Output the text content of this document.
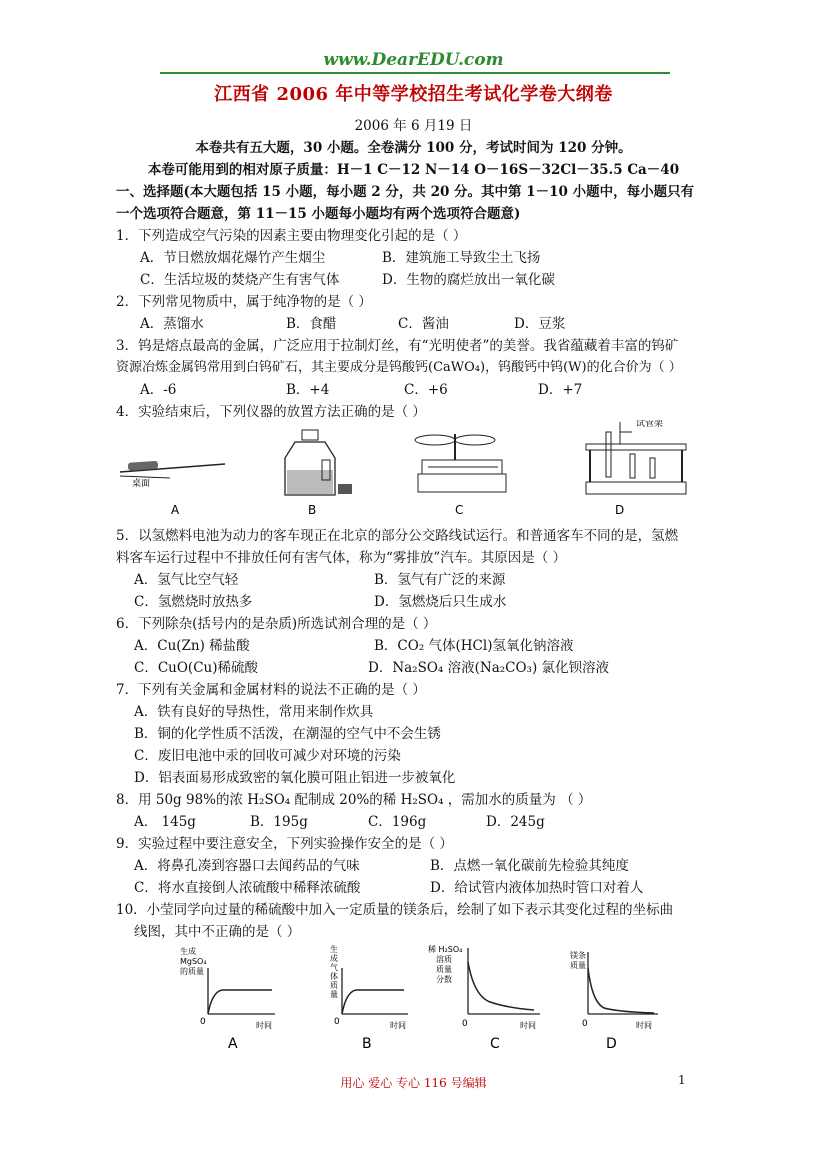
www.DearEDU.com
江西省 2006 年中等学校招生考试化学卷大纲卷
2006 年 6 月19 日
本卷共有五大题，30 小题。全卷满分 100 分，考试时间为 120 分钟。
本卷可能用到的相对原子质量：H－1 C－12 N－14 O－16S－32Cl－35.5 Ca－40
一、选择题(本大题包括 15 小题，每小题 2 分，共 20 分。其中第 1－10 小题中，每小题只有
一个选项符合题意，第 11－15 小题每小题均有两个选项符合题意)
1．下列造成空气污染的因素主要由物理变化引起的是（ ）
A．节日燃放烟花爆竹产生烟尘	B．建筑施工导致尘土飞扬
C．生活垃圾的焚烧产生有害气体	D．生物的腐烂放出一氧化碳
2．下列常见物质中，属于纯净物的是（ ）
A．蒸馏水	B．食醋	C．酱油	D．豆浆
3．钨是熔点最高的金属，广泛应用于拉制灯丝，有“光明使者”的美誉。我省蕴藏着丰富的钨矿
资源冶炼金属钨常用到白钨矿石，其主要成分是钨酸钙(CaWO₄)，钨酸钙中钨(W)的化合价为（ ）
A．-6	B．+4	C．+6	D．+7
4．实验结束后，下列仪器的放置方法正确的是（ ）
桌面
试管架
A	B	C	D
5．以氢燃料电池为动力的客车现正在北京的部分公交路线试运行。和普通客车不同的是，氢燃
料客车运行过程中不排放任何有害气体，称为“雾排放”汽车。其原因是（ ）
A．氢气比空气轻	B．氢气有广泛的来源
C．氢燃烧时放热多	D．氢燃烧后只生成水
6．下列除杂(括号内的是杂质)所选试剂合理的是（ ）
A．Cu(Zn) 稀盐酸	B．CO₂ 气体(HCl)氢氧化钠溶液
C．CuO(Cu)稀硫酸	D．Na₂SO₄ 溶液(Na₂CO₃) 氯化钡溶液
7．下列有关金属和金属材料的说法不正确的是（ ）
A．铁有良好的导热性，常用来制作炊具
B．铜的化学性质不活泼，在潮湿的空气中不会生锈
C．废旧电池中汞的回收可减少对环境的污染
D．铝表面易形成致密的氧化膜可阻止铝进一步被氧化
8．用 50g 98%的浓 H₂SO₄ 配制成 20%的稀 H₂SO₄ ，需加水的质量为 （ ）
A． 145g	B．195g	C．196g	D．245g
9．实验过程中要注意安全，下列实验操作安全的是（ ）
A．将鼻孔凑到容器口去闻药品的气味	B．点燃一氧化碳前先检验其纯度
C．将水直接倒人浓硫酸中稀释浓硫酸	D．给试管内液体加热时管口对着人
10．小莹同学向过量的稀硫酸中加入一定质量的镁条后，绘制了如下表示其变化过程的坐标曲
线图，其中不正确的是（ ）
生成
MgSO₄
的质量
0	时间
A
生
成
气
体
质
量
0	时间
B
稀 H₂SO₄
溶质
质量
分数
0	时间
C
镁条
质量
0	时间
D
用心 爱心 专心 116 号编辑	1
